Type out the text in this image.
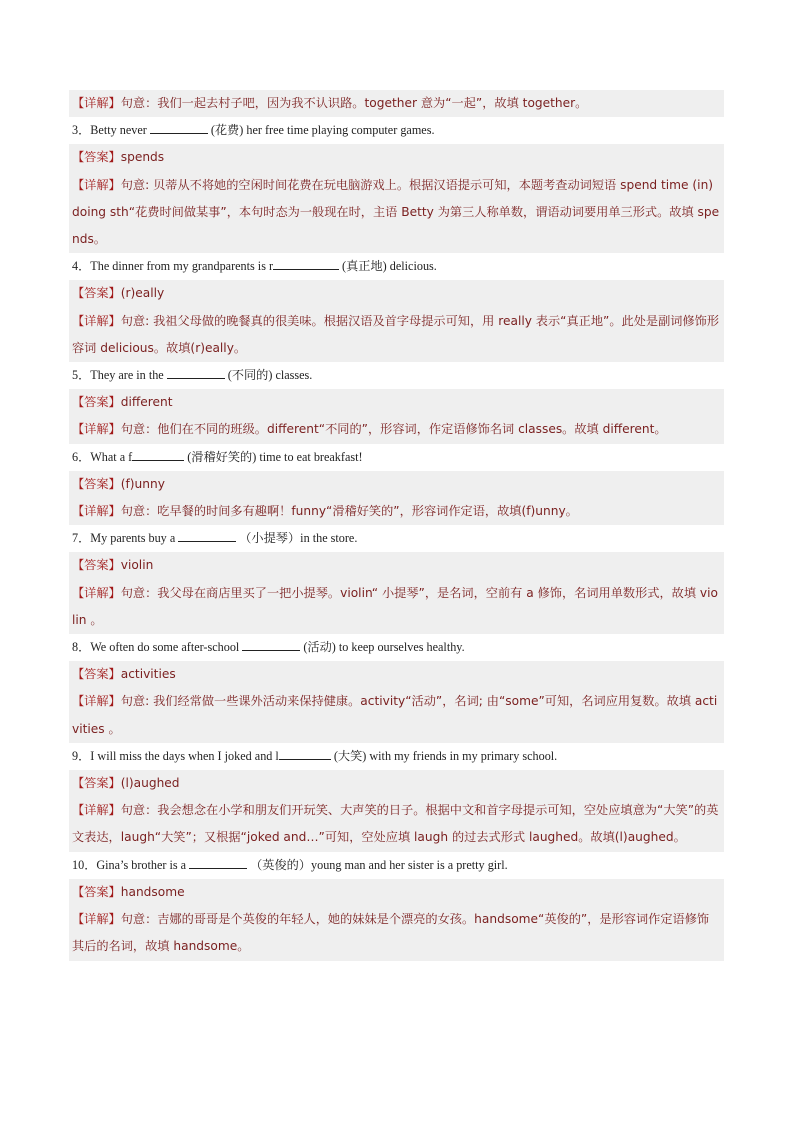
【详解】句意：我们一起去村子吧，因为我不认识路。together 意为“一起”，故填 together。
3．Betty never	(花费) her free time playing computer games.
【答案】spends
【详解】句意: 贝蒂从不将她的空闲时间花费在玩电脑游戏上。根据汉语提示可知，本题考查动词短语 spend time (in) doing sth“花费时间做某事”，本句时态为一般现在时，主语 Betty 为第三人称单数，谓语动词要用单三形式。故填 spends。
4．The dinner from my grandparents is r	(真正地) delicious.
【答案】(r)eally
【详解】句意: 我祖父母做的晚餐真的很美味。根据汉语及首字母提示可知，用 really 表示“真正地”。此处是副词修饰形容词 delicious。故填(r)eally。
5．They are in the	(不同的) classes.
【答案】different
【详解】句意：他们在不同的班级。different“不同的”，形容词，作定语修饰名词 classes。故填 different。
6．What a f	(滑稽好笑的) time to eat breakfast!
【答案】(f)unny
【详解】句意：吃早餐的时间多有趣啊！funny“滑稽好笑的”，形容词作定语，故填(f)unny。
7．My parents buy a	（小提琴）in the store.
【答案】violin
【详解】句意：我父母在商店里买了一把小提琴。violin“ 小提琴”，是名词，空前有 a 修饰，名词用单数形式，故填 violin 。
8．We often do some after-school	(活动) to keep ourselves healthy.
【答案】activities
【详解】句意: 我们经常做一些课外活动来保持健康。activity“活动”，名词; 由“some”可知，名词应用复数。故填 activities 。
9．I will miss the days when I joked and l	(大笑) with my friends in my primary school.
【答案】(l)aughed
【详解】句意：我会想念在小学和朋友们开玩笑、大声笑的日子。根据中文和首字母提示可知，空处应填意为“大笑”的英文表达，laugh“大笑”；又根据“joked and…”可知，空处应填 laugh 的过去式形式 laughed。故填(l)aughed。
10．Gina’s brother is a	（英俊的）young man and her sister is a pretty girl.
【答案】handsome
【详解】句意：吉娜的哥哥是个英俊的年轻人，她的妹妹是个漂亮的女孩。handsome“英俊的”，是形容词作定语修饰其后的名词，故填 handsome。
